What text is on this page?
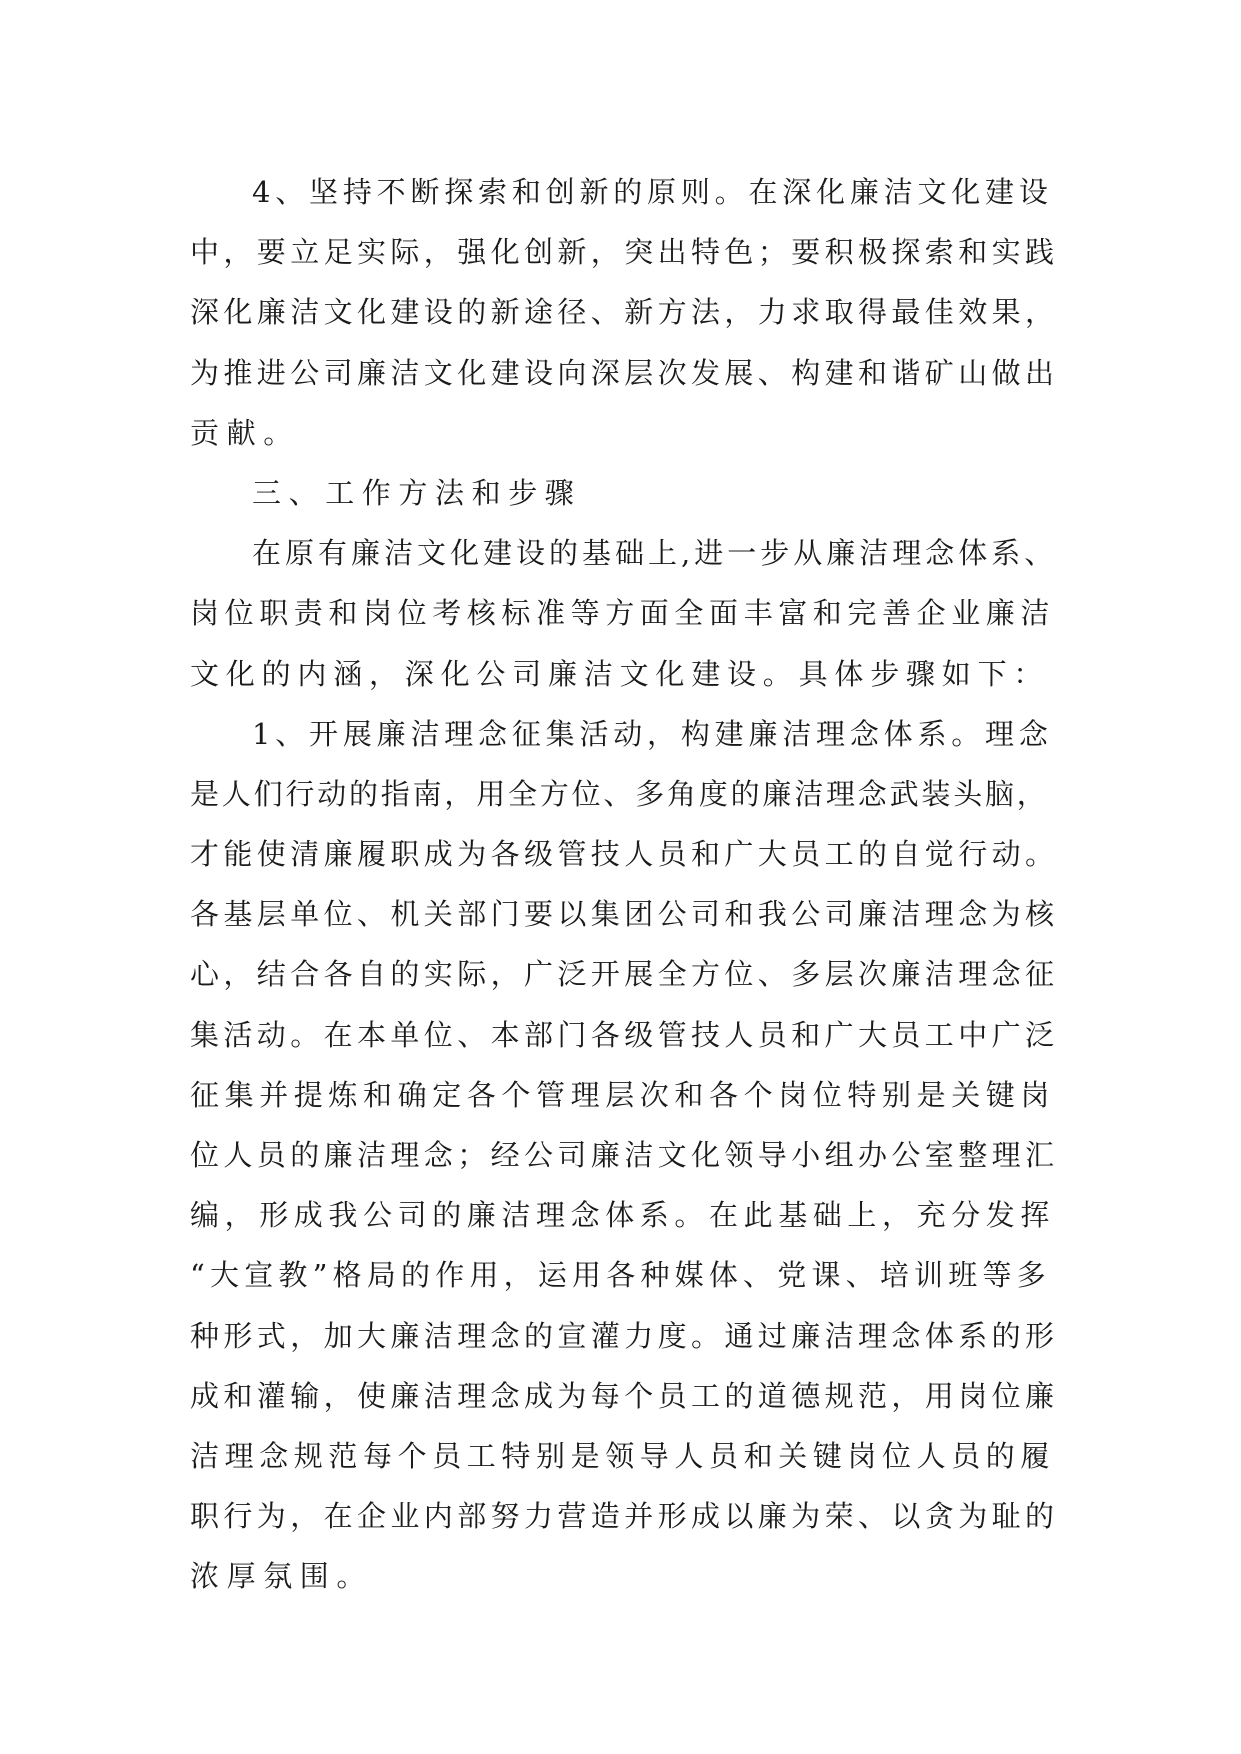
4、坚持不断探索和创新的原则。在深化廉洁文化建设
中，要立足实际，强化创新，突出特色；要积极探索和实践
深化廉洁文化建设的新途径、新方法，力求取得最佳效果，
为推进公司廉洁文化建设向深层次发展、构建和谐矿山做出
贡献。
三、工作方法和步骤
在原有廉洁文化建设的基础上,进一步从廉洁理念体系、
岗位职责和岗位考核标准等方面全面丰富和完善企业廉洁
文化的内涵，深化公司廉洁文化建设。具体步骤如下：
1、开展廉洁理念征集活动，构建廉洁理念体系。理念
是人们行动的指南，用全方位、多角度的廉洁理念武装头脑，
才能使清廉履职成为各级管技人员和广大员工的自觉行动。
各基层单位、机关部门要以集团公司和我公司廉洁理念为核
心，结合各自的实际，广泛开展全方位、多层次廉洁理念征
集活动。在本单位、本部门各级管技人员和广大员工中广泛
征集并提炼和确定各个管理层次和各个岗位特别是关键岗
位人员的廉洁理念；经公司廉洁文化领导小组办公室整理汇
编，形成我公司的廉洁理念体系。在此基础上，充分发挥
“大宣教”格局的作用，运用各种媒体、党课、培训班等多
种形式，加大廉洁理念的宣灌力度。通过廉洁理念体系的形
成和灌输，使廉洁理念成为每个员工的道德规范，用岗位廉
洁理念规范每个员工特别是领导人员和关键岗位人员的履
职行为，在企业内部努力营造并形成以廉为荣、以贪为耻的
浓厚氛围。
